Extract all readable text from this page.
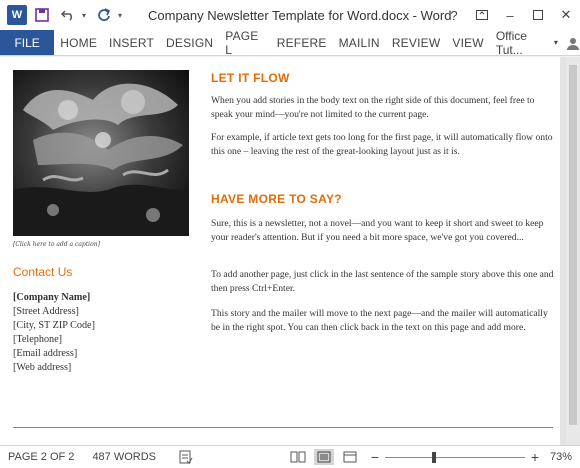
W	▾	▾ Company Newsletter Template for Word.docx - Word
?	–	✕
FILE	HOME	INSERT	DESIGN	PAGE L	REFERE	MAILIN	REVIEW	VIEW	Office Tut...	▾
[Click here to add a caption]
Contact Us
[Company Name]
[Street Address]
[City, ST ZIP Code]
[Telephone]
[Email address]
[Web address]
LET IT FLOW
When you add stories in the body text on the right side of this document, feel free to speak your mind—you're not limited to the current page.
For example, if article text gets too long for the first page, it will automatically flow onto this one – leaving the rest of the great-looking layout just as it is.
HAVE MORE TO SAY?
Sure, this is a newsletter, not a novel—and you want to keep it short and sweet to keep your reader's attention. But if you need a bit more space, we've got you covered...
To add another page, just click in the last sentence of the sample story above this one and then press Ctrl+Enter.
This story and the mailer will move to the next page—and the mailer will automatically be in the right spot. You can then click back in the text on this page and add more.
PAGE 2 OF 2 487 WORDS	−	+ 73%
